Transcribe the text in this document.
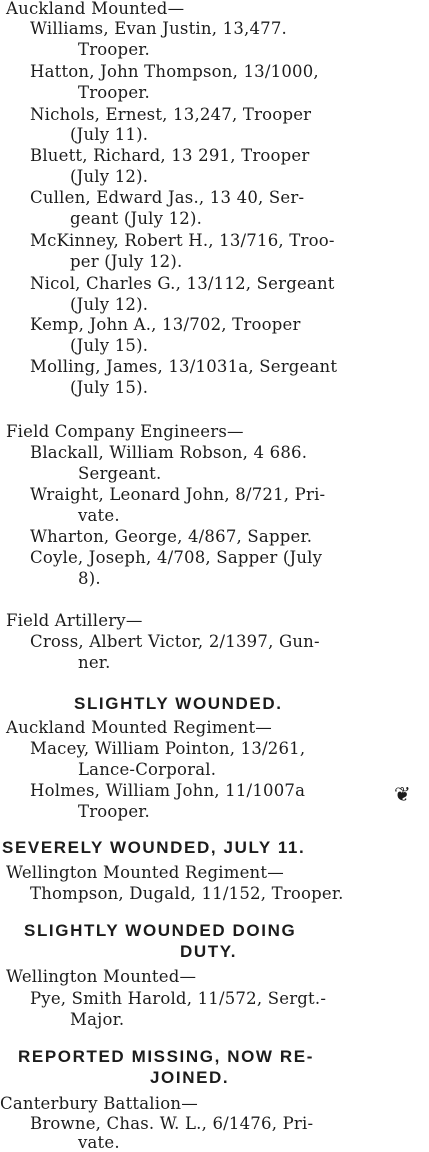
Auckland Mounted—
Williams, Evan Justin, 13,477.
Trooper.
Hatton, John Thompson, 13/1000,
Trooper.
Nichols, Ernest, 13,247, Trooper
(July 11).
Bluett, Richard, 13 291, Trooper
(July 12).
Cullen, Edward Jas., 13 40, Ser-
geant (July 12).
McKinney, Robert H., 13/716, Troo-
per (July 12).
Nicol, Charles G., 13/112, Sergeant
(July 12).
Kemp, John A., 13/702, Trooper
(July 15).
Molling, James, 13/1031a, Sergeant
(July 15).
Field Company Engineers—
Blackall, William Robson, 4 686.
Sergeant.
Wraight, Leonard John, 8/721, Pri-
vate.
Wharton, George, 4/867, Sapper.
Coyle, Joseph, 4/708, Sapper (July
8).
Field Artillery—
Cross, Albert Victor, 2/1397, Gun-
ner.
SLIGHTLY WOUNDED.
Auckland Mounted Regiment—
Macey, William Pointon, 13/261,
Lance-Corporal.
Holmes, William John, 11/1007a
Trooper.
❦
SEVERELY WOUNDED, JULY 11.
Wellington Mounted Regiment—
Thompson, Dugald, 11/152, Trooper.
SLIGHTLY WOUNDED DOING
DUTY.
Wellington Mounted—
Pye, Smith Harold, 11/572, Sergt.-
Major.
REPORTED MISSING, NOW RE-
JOINED.
Canterbury Battalion—
Browne, Chas. W. L., 6/1476, Pri-
vate.
